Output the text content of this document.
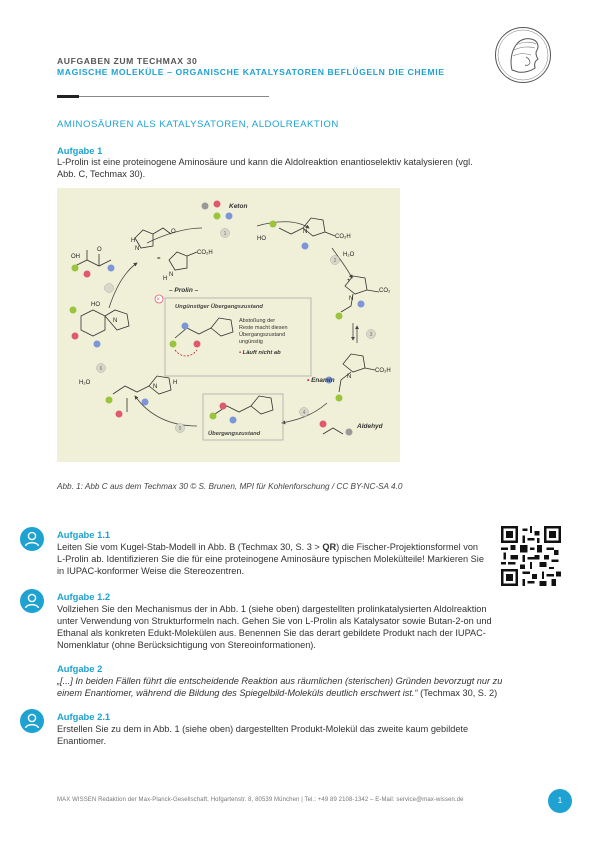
AUFGABEN ZUM TECHMAX 30
MAGISCHE MOLEKÜLE – ORGANISCHE KATALYSATOREN BEFLÜGELN DIE CHEMIE
AMINOSÄUREN ALS KATALYSATOREN, ALDOLREAKTION
Aufgabe 1
L-Prolin ist eine proteinogene Aminosäure und kann die Aldolreaktion enantioselektiv katalysieren (vgl.
Abb. C, Techmax 30).
1
2
3
4
5
6
OH
O	N
H
O
=
CO₂H
N
H
– Prolin –
Keton
HO
N
CO₂H
H₂O
N
+
CO₂
N
CO₂H
• Enamin
Aldehyd
Übergangszustand
×
Ungünstiger Übergangszustand
Abstoßung der
Reste macht diesen
Übergangszustand
ungünstig
• Läuft nicht ab
HO
N
H₂O
N
H
Abb. 1: Abb C aus dem Techmax 30 © S. Brunen, MPI für Kohlenforschung / CC BY-NC-SA 4.0
Aufgabe 1.1
Leiten Sie vom Kugel-Stab-Modell in Abb. B (Techmax 30, S. 3 > QR) die Fischer-Projektionsformel von
L-Prolin ab. Identifizieren Sie die für eine proteinogene Aminosäure typischen Molekülteile! Markieren Sie
in IUPAC-konformer Weise die Stereozentren.
Aufgabe 1.2
Vollziehen Sie den Mechanismus der in Abb. 1 (siehe oben) dargestellten prolinkatalysierten Aldolreaktion
unter Verwendung von Strukturformeln nach. Gehen Sie von L-Prolin als Katalysator sowie Butan-2-on und
Ethanal als konkreten Edukt-Molekülen aus. Benennen Sie das derart gebildete Produkt nach der IUPAC-
Nomenklatur (ohne Berücksichtigung von Stereoinformationen).
Aufgabe 2
„[...] In beiden Fällen führt die entscheidende Reaktion aus räumlichen (sterischen) Gründen bevorzugt nur zu
einem Enantiomer, während die Bildung des Spiegelbild-Moleküls deutlich erschwert ist.“ (Techmax 30, S. 2)
Aufgabe 2.1
Erstellen Sie zu dem in Abb. 1 (siehe oben) dargestellten Produkt-Molekül das zweite kaum gebildete
Enantiomer.
MAX WISSEN Redaktion der Max-Planck-Gesellschaft, Hofgartenstr. 8, 80539 München | Tel.: +49 89 2108-1342 – E-Mail: service@max-wissen.de	1
